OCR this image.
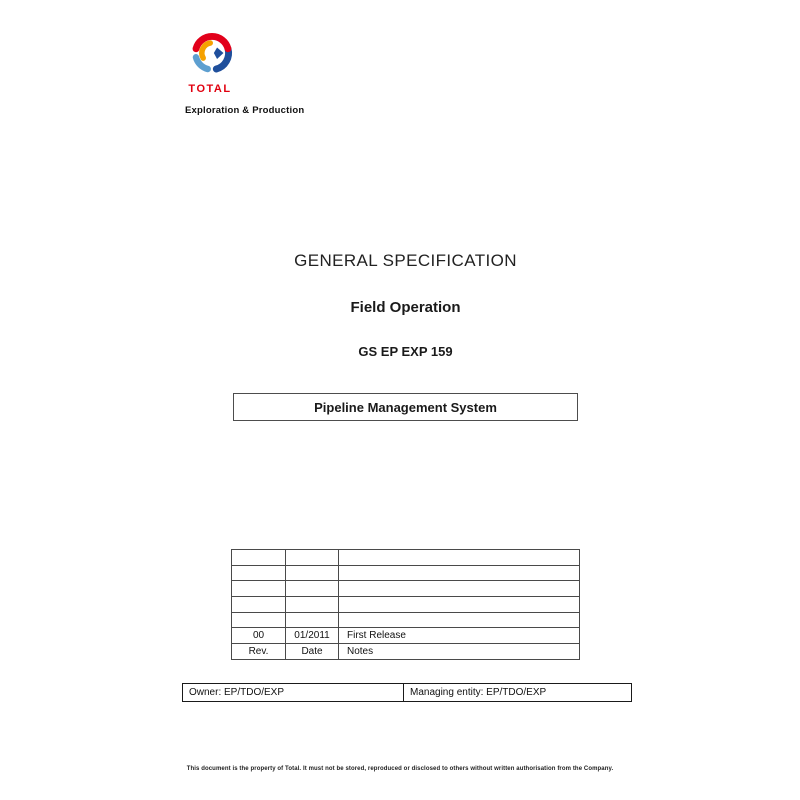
TOTAL
Exploration & Production
GENERAL SPECIFICATION
Field Operation
GS EP EXP 159
Pipeline Management System

00	01/2011	First Release
Rev.	Date	Notes
Owner: EP/TDO/EXP	Managing entity: EP/TDO/EXP
This document is the property of Total. It must not be stored, reproduced or disclosed to others without written authorisation from the Company.
